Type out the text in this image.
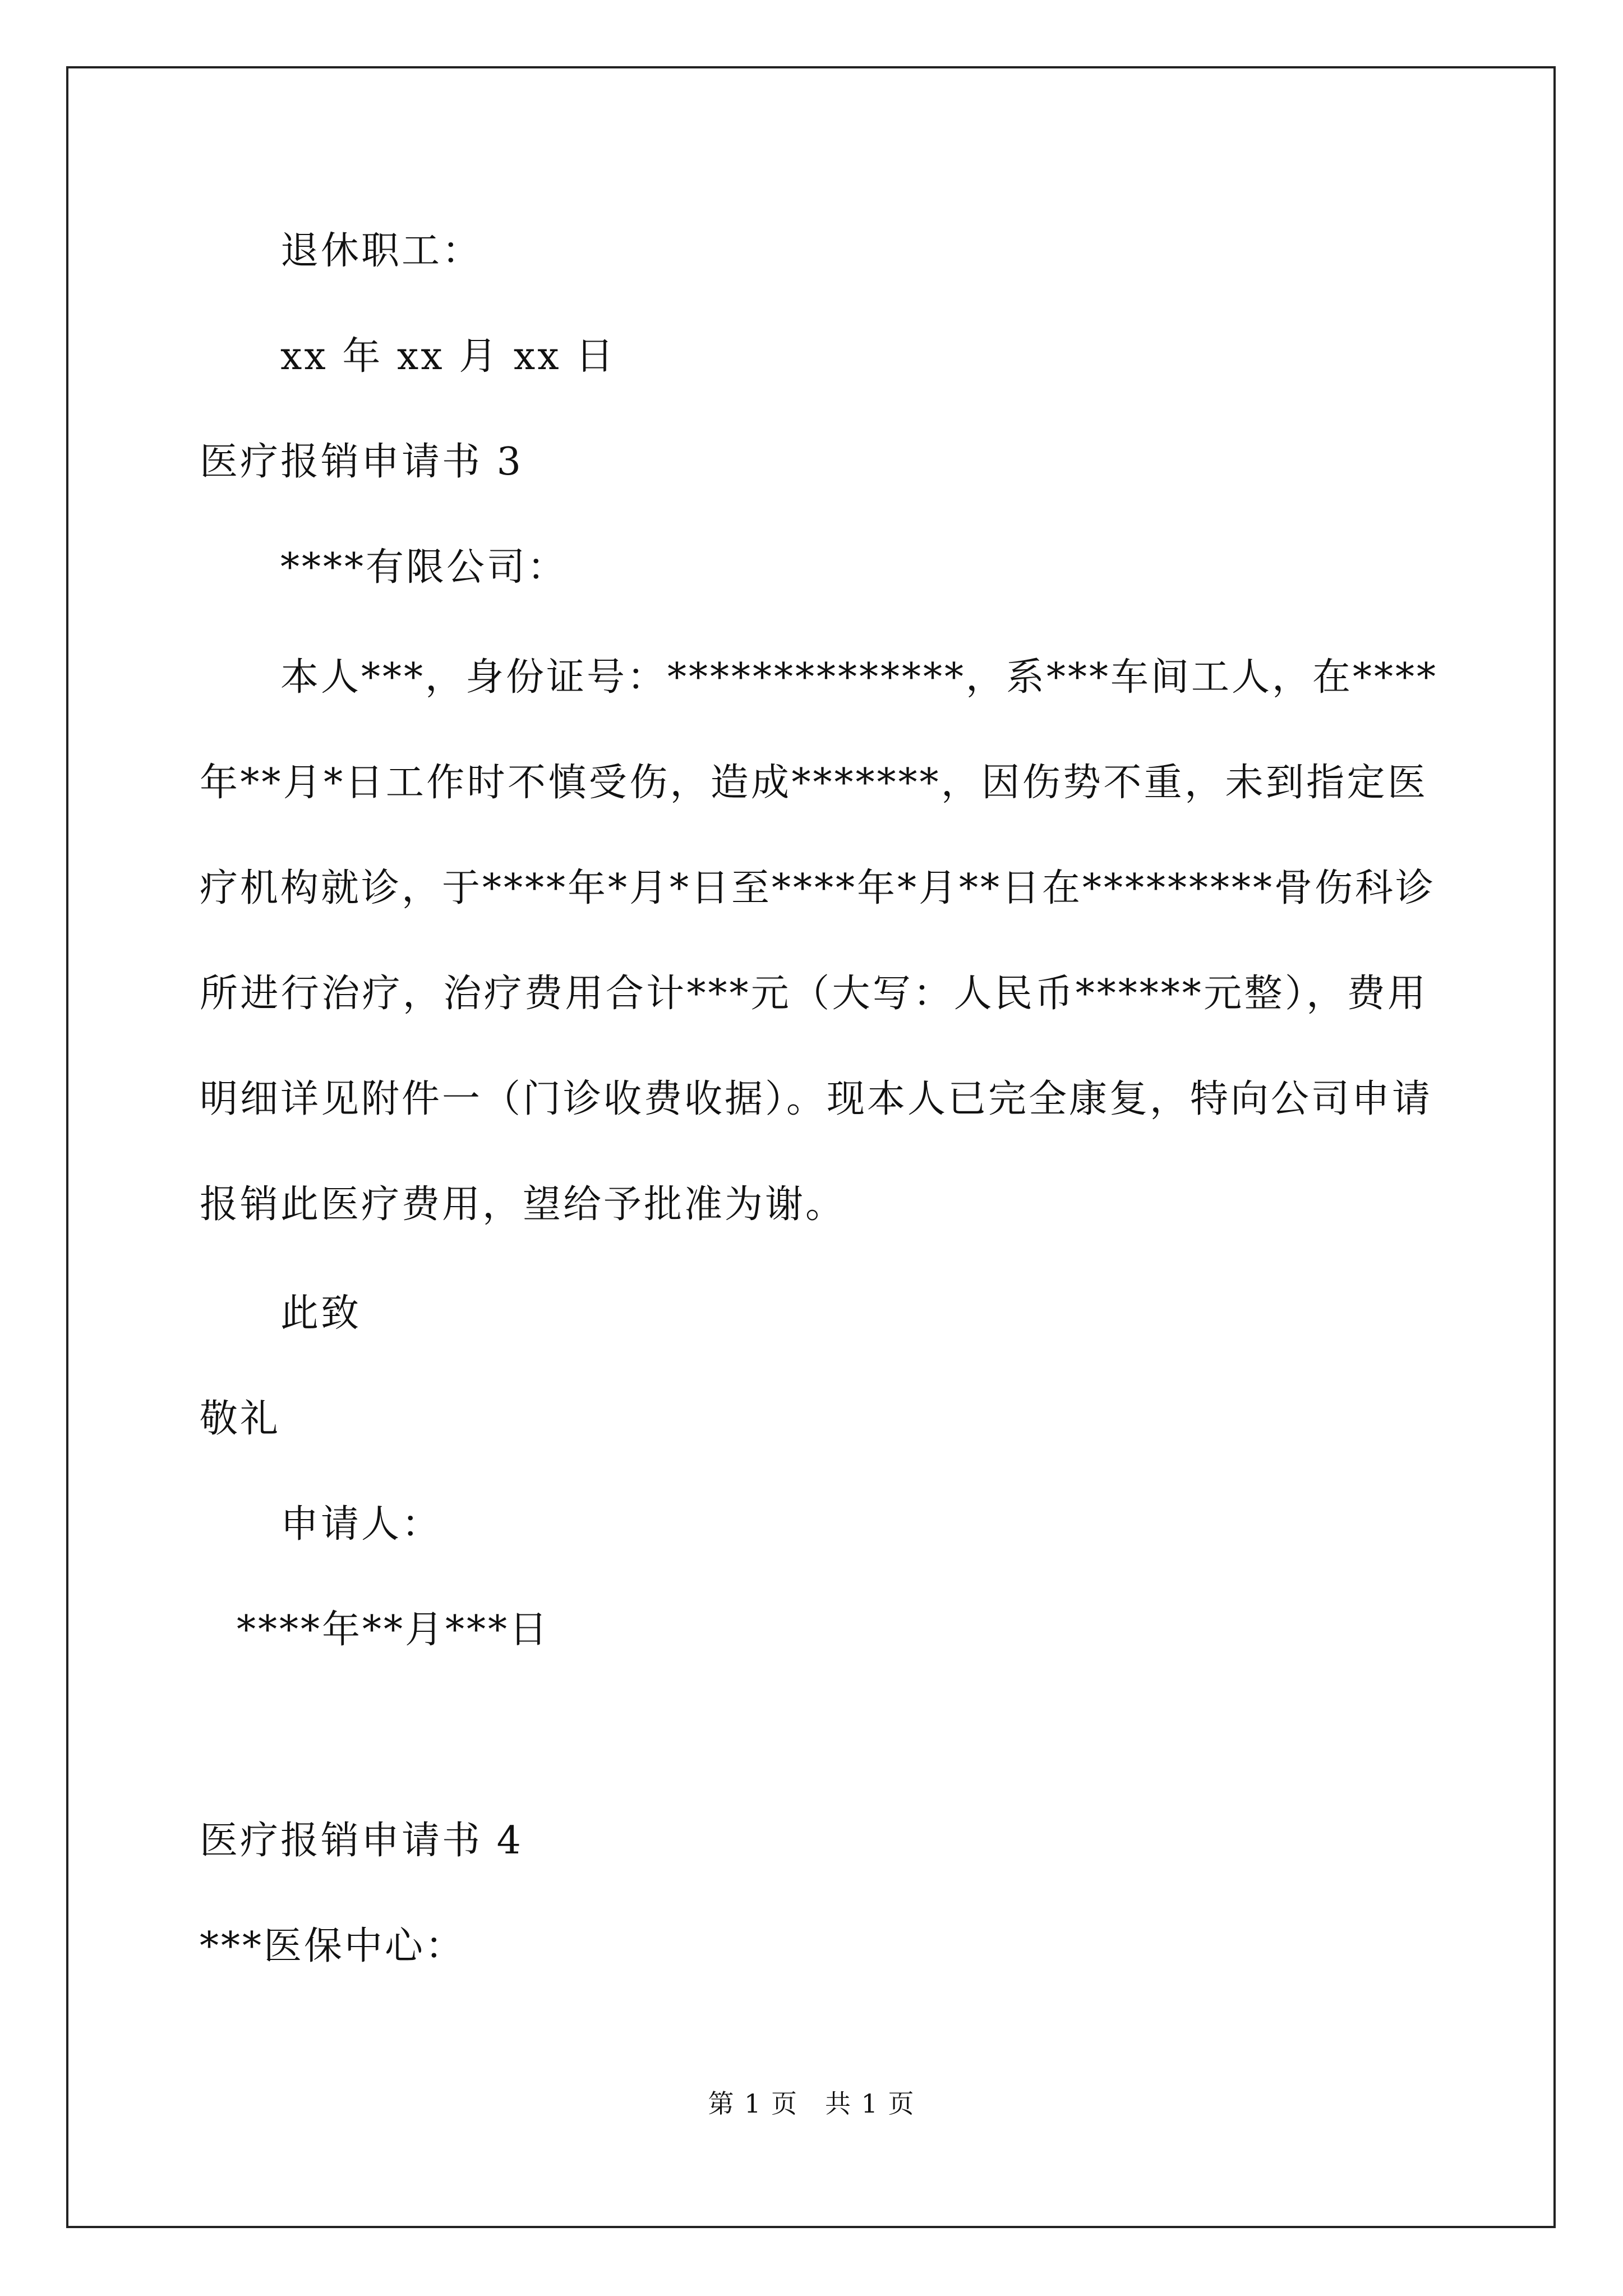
退休职工：
xx 年 xx 月 xx 日
医疗报销申请书 3
****有限公司：
本人***，身份证号：**************，系***车间工人，在****
年**月*日工作时不慎受伤，造成*******，因伤势不重，未到指定医
疗机构就诊，于****年*月*日至****年*月**日在*********骨伤科诊
所进行治疗，治疗费用合计***元（大写：人民币******元整），费用
明细详见附件一（门诊收费收据）。现本人已完全康复，特向公司申请
报销此医疗费用，望给予批准为谢。
此致
敬礼
申请人：
****年**月***日
医疗报销申请书 4
***医保中心：
第 1 页　共 1 页
